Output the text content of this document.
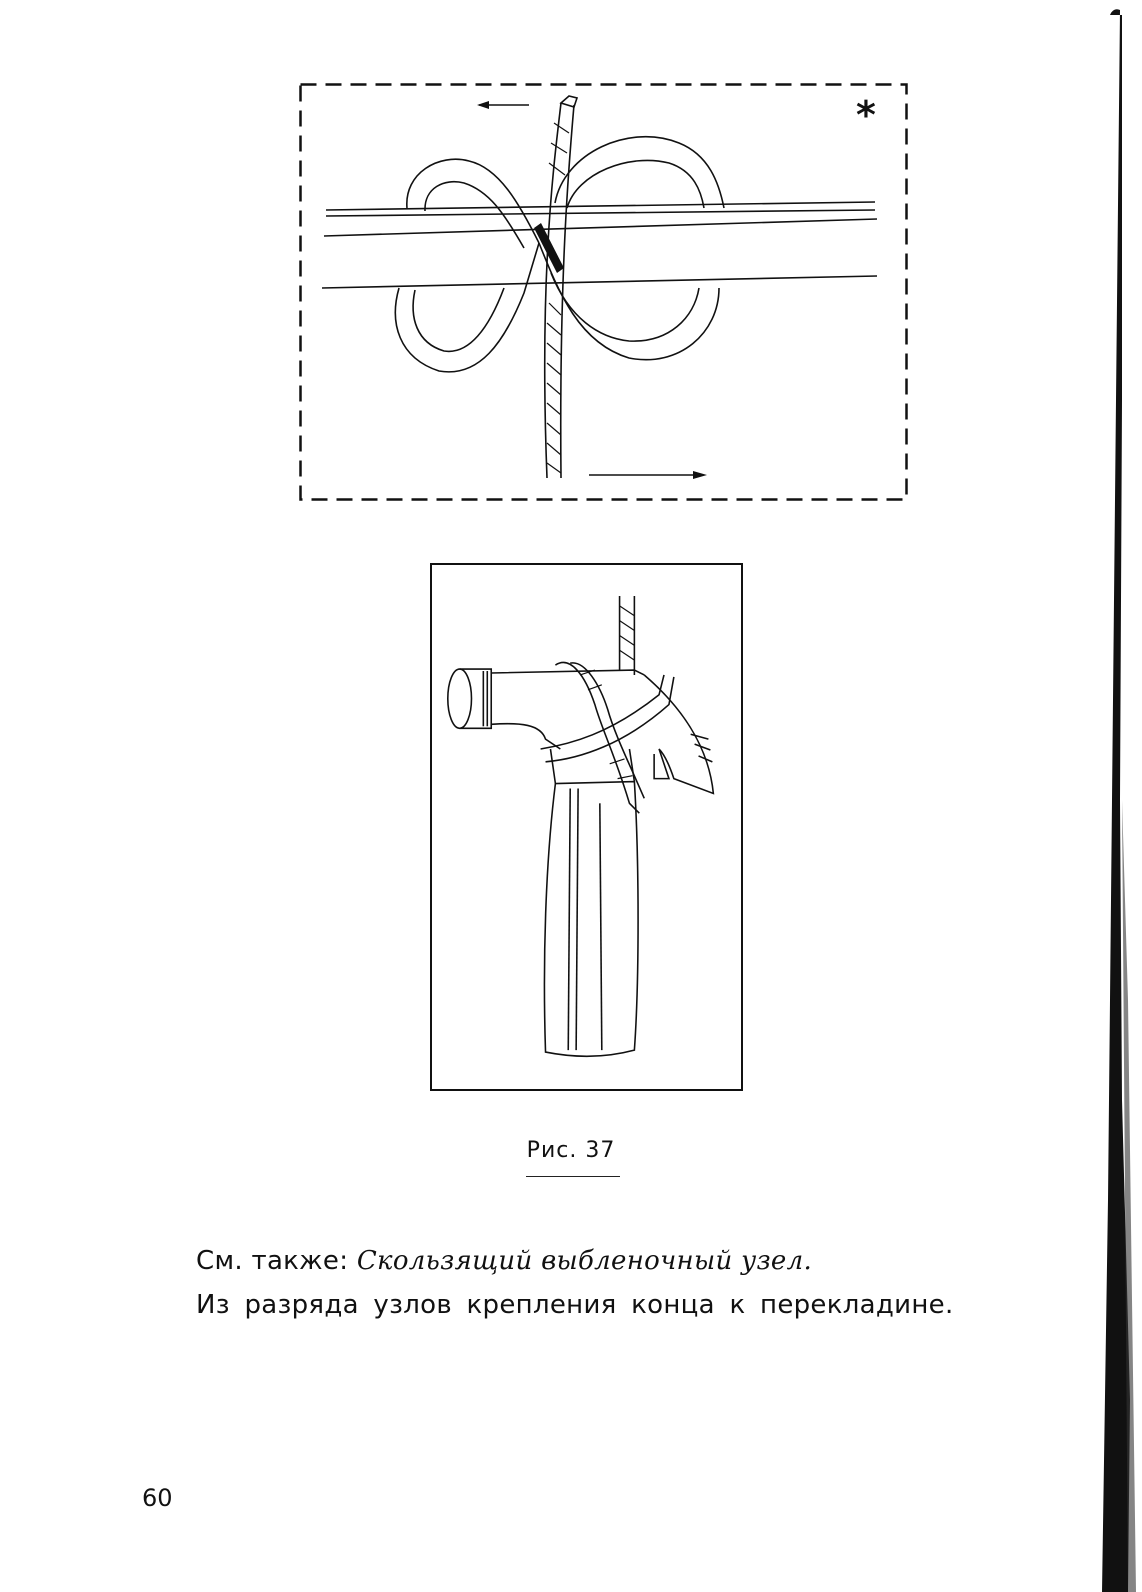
*
Рис. 37
См. также: Скользящий выбленочный узел.
Из разряда узлов крепления конца к перекладине.
60
